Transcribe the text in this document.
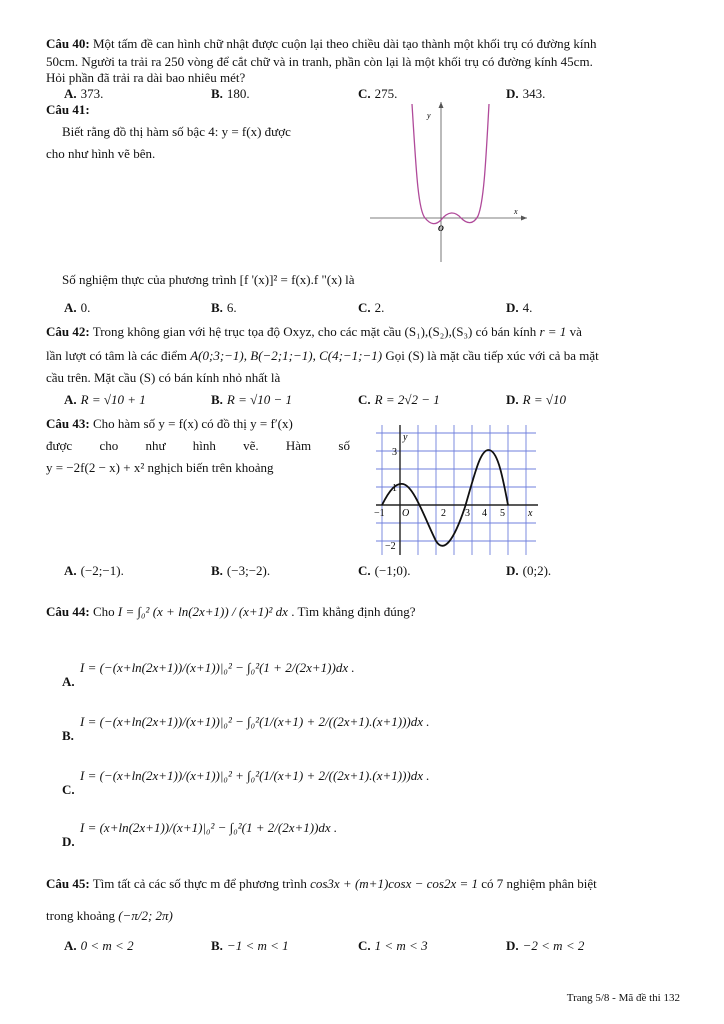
Câu 40: Một tấm đề can hình chữ nhật được cuộn lại theo chiều dài tạo thành một khối trụ có đường kính
50cm. Người ta trải ra 250 vòng để cắt chữ và in tranh, phần còn lại là một khối trụ có đường kính 45cm.
Hỏi phần đã trải ra dài bao nhiêu mét?
A. 373.	B. 180.	C. 275.	D. 343.
Câu 41:
Biết rằng đồ thị hàm số bậc 4: y = f(x) được
cho như hình vẽ bên.
x
y
O
Số nghiệm thực của phương trình [f '(x)]² = f(x).f "(x) là
A. 0.	B. 6.	C. 2.	D. 4.
Câu 42: Trong không gian với hệ trục tọa độ Oxyz, cho các mặt cầu (S₁),(S₂),(S₃) có bán kính r = 1 và
lần lượt có tâm là các điểm A(0;3;−1), B(−2;1;−1), C(4;−1;−1) Gọi (S) là mặt cầu tiếp xúc với cả ba mặt
cầu trên. Mặt cầu (S) có bán kính nhỏ nhất là
A. R = √10 + 1	B. R = √10 − 1	C. R = 2√2 − 1	D. R = √10
Câu 43: Cho hàm số y = f(x) có đồ thị y = f′(x)
được cho như hình vẽ. Hàm số
y = −2f(2 − x) + x² nghịch biến trên khoảng
y
x
O
3
1
−2
−1	2 3 4 5
A. (−2;−1).	B. (−3;−2).	C. (−1;0).	D. (0;2).
Câu 44: Cho I = ∫₀² (x + ln(2x+1)) / (x+1)² dx . Tìm khẳng định đúng?
A.
I = (−(x+ln(2x+1))/(x+1))|₀² − ∫₀²(1 + 2/(2x+1))dx .
B.
I = (−(x+ln(2x+1))/(x+1))|₀² − ∫₀²(1/(x+1) + 2/((2x+1).(x+1)))dx .
C.
I = (−(x+ln(2x+1))/(x+1))|₀² + ∫₀²(1/(x+1) + 2/((2x+1).(x+1)))dx .
D.
I = (x+ln(2x+1))/(x+1)|₀² − ∫₀²(1 + 2/(2x+1))dx .
Câu 45: Tìm tất cả các số thực m để phương trình cos3x + (m+1)cosx − cos2x = 1 có 7 nghiệm phân biệt
trong khoảng (−π/2; 2π)
A. 0 < m < 2	B. −1 < m < 1	C. 1 < m < 3	D. −2 < m < 2
Trang 5/8 - Mã đề thi 132
